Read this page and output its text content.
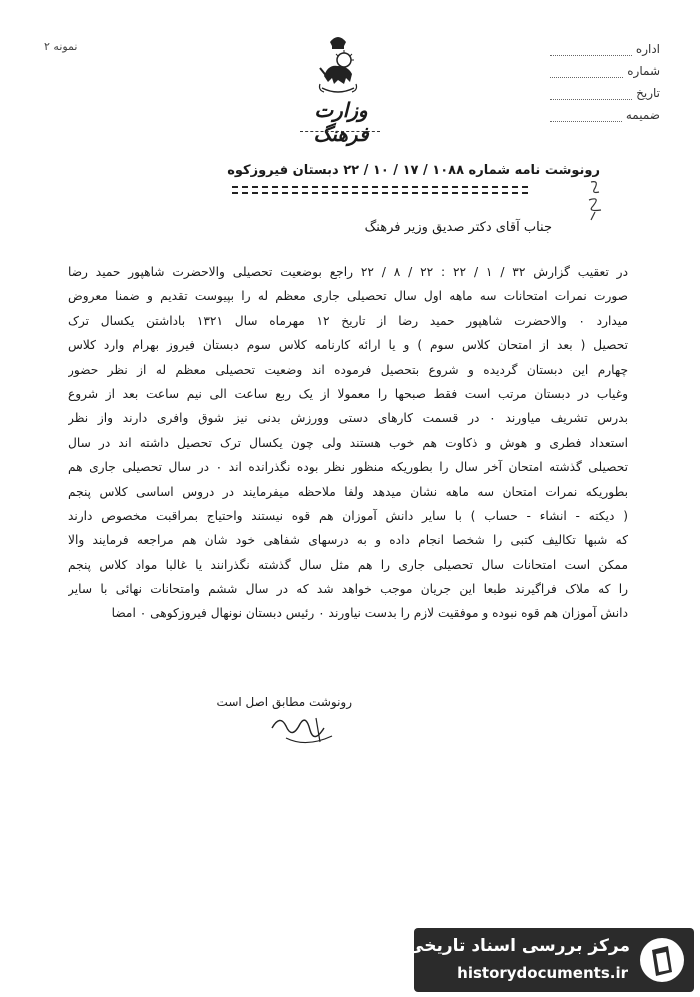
نمونه ۲	اداره
شماره
تاریخ
ضمیمه
وزارت فرهنگ
رونوشت نامه شماره ۱۰۸۸ / ۱۷ / ۱۰ / ۲۲ دبستان فیروزکوه
جناب آقای دکتر صدیق وزیر فرهنگ
در تعقیب گزارش ۳۲ / ۱ / ۲۲ : ۲۲ / ۸ / ۲۲ راجع بوضعیت تحصیلی والاحضرت شاهپور حمید رضا
صورت نمرات امتحانات سه ماهه اول سال تحصیلی جاری معظم له را بپیوست تقدیم و ضمنا معروض
میدارد ۰ والاحضرت شاهپور حمید رضا از تاریخ ۱۲ مهرماه سال ۱۳۲۱ باداشتن یکسال ترک
تحصیل ( بعد از امتحان کلاس سوم ) و یا ارائه کارنامه کلاس سوم دبستان فیروز بهرام وارد کلاس
چهارم این دبستان گردیده و شروع بتحصیل فرموده اند وضعیت تحصیلی معظم له از نظر حضور
وغیاب در دبستان مرتب است فقط صبحها را معمولا از یک ربع ساعت الی نیم ساعت بعد از شروع
بدرس تشریف میاورند ۰ در قسمت کارهای دستی وورزش بدنی نیز شوق وافری دارند واز نظر
استعداد فطری و هوش و ذکاوت هم خوب هستند ولی چون یکسال ترک تحصیل داشته اند در سال
تحصیلی گذشته امتحان آخر سال را بطوریکه منظور نظر بوده نگذرانده اند ۰ در سال تحصیلی جاری هم
بطوریکه نمرات امتحان سه ماهه نشان میدهد ولفا ملاحظه میفرمایند در دروس اساسی کلاس پنجم
( دیکته - انشاء - حساب ) با سایر دانش آموزان هم قوه نیستند واحتیاج بمراقبت مخصوص دارند
که شبها تکالیف کتبی را شخصا انجام داده و به درسهای شفاهی خود شان هم مراجعه فرمایند والا
ممکن است امتحانات سال تحصیلی جاری را هم مثل سال گذشته نگذرانند یا غالبا مواد کلاس پنجم
را که ملاک فراگیرند طبعا این جریان موجب خواهد شد که در سال ششم وامتحانات نهائی با سایر
دانش آموزان هم قوه نبوده و موفقیت لازم را بدست نیاورند ۰ رئیس دبستان نونهال فیروزکوهی ۰ امضا
رونوشت مطابق اصل است
مرکز بررسی اسناد تاریخی
historydocuments.ir
